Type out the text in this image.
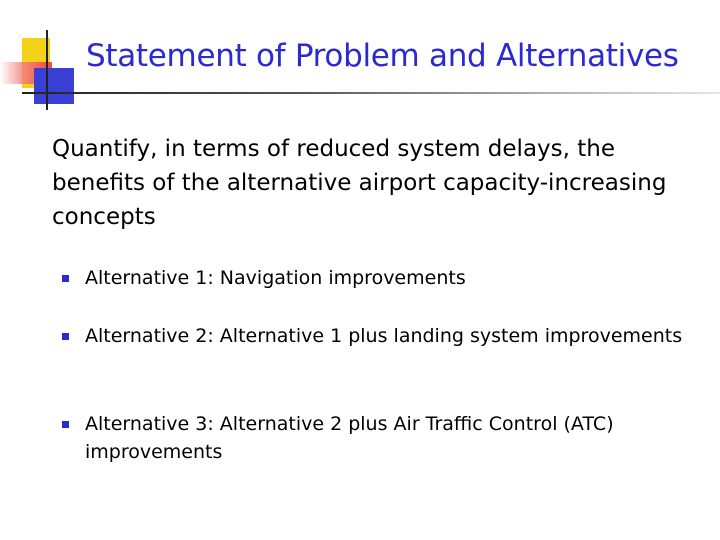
Statement of Problem and Alternatives
Quantify, in terms of reduced system delays, the benefits of the alternative airport capacity-increasing concepts
Alternative 1: Navigation improvements
Alternative 2: Alternative 1 plus landing system improvements
Alternative 3: Alternative 2 plus Air Traffic Control (ATC) improvements
